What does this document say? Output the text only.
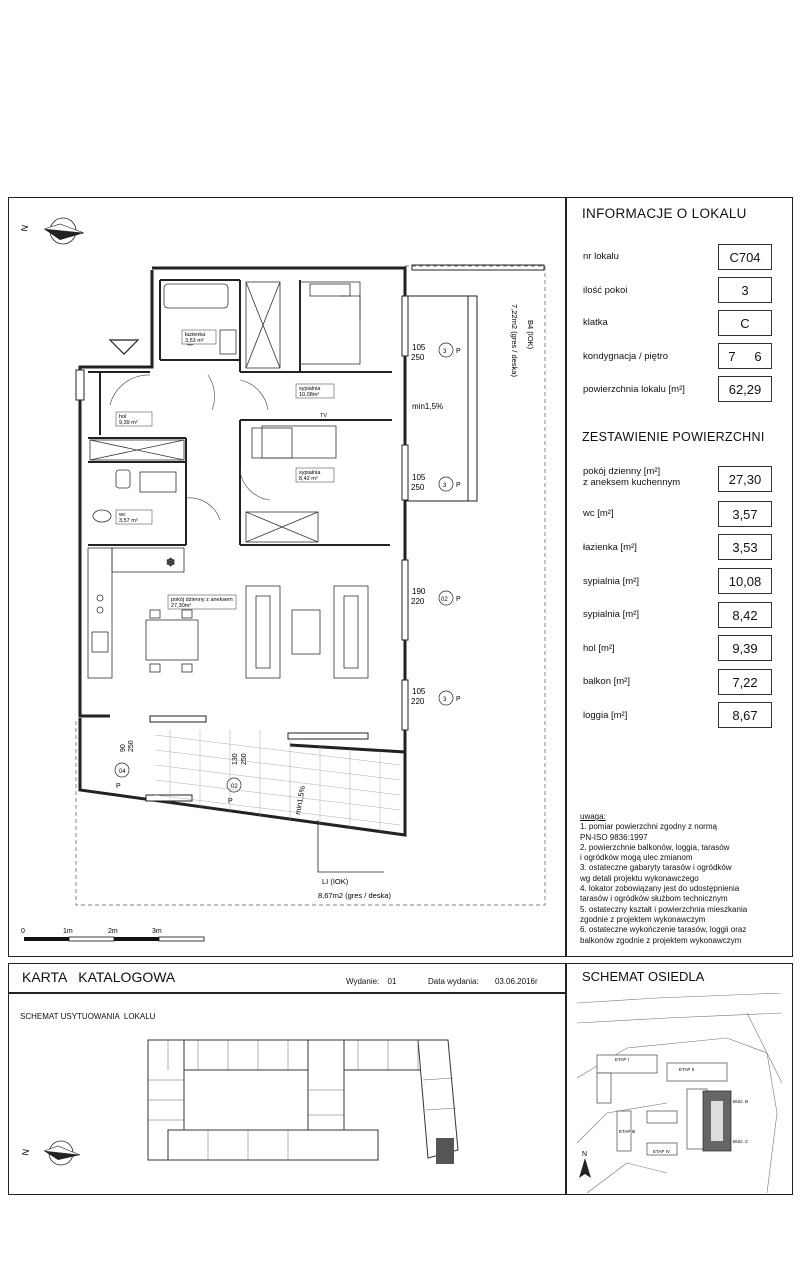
INFORMACJE O LOKALU
nr lokalu	C704
ilość pokoi	3
klatka	C
kondygnacja / piętro	7 6
powierzchnia lokalu [m²]	62,29
ZESTAWIENIE POWIERZCHNI
pokój dzienny [m²]
z aneksem kuchennym	27,30
wc [m²]	3,57
łazienka [m²]	3,53
sypialnia [m²]	10,08
sypialnia [m²]	8,42
hol [m²]	9,39
balkon [m²]	7,22
loggia [m²]	8,67
uwaga:
1. pomiar powierzchni zgodny z normą
PN-ISO 9836:1997
2. powierzchnie balkonów, loggia, tarasów
i ogródków mogą ulec zmianom
3. ostateczne gabaryty tarasów i ogródków
wg detali projektu wykonawczego
4. lokator zobowiązany jest do udostępnienia
tarasów i ogródków służbom technicznym
5. ostateczny kształt i powierzchnia mieszkania
zgodnie z projektem wykonawczym
6. ostateczne wykończenie tarasów, loggii oraz
balkonów zgodnie z projektem wykonawczym
N
7,22m2 (gres / deska) B4 (IOK)
min1,5%
❄
105
250
3 P
105
250	3 P
190
220	02 P
105
220	3 P
90 250
04
P
130 250
02
P	min1,5%
LI (IOK)
8,67m2 (gres / deska)
łazienka
3,53 m²
sypialnia
10,08m²
hol
9,39 m²
sypialnia
8,42 m²
wc
3,57 m²
pokój dzienny z aneksem
27,30m²
TV
0	1m	2m	3m
KARTA   KATALOGOWA	Wydanie: 01	Data wydania: 03.06.2016r	SCHEMAT OSIEDLA
SCHEMAT USYTUOWANIA  LOKALU
N
ETAP I
ETAP II
ETAP III
ETAP IV
BUD. B
BUD. C
N
